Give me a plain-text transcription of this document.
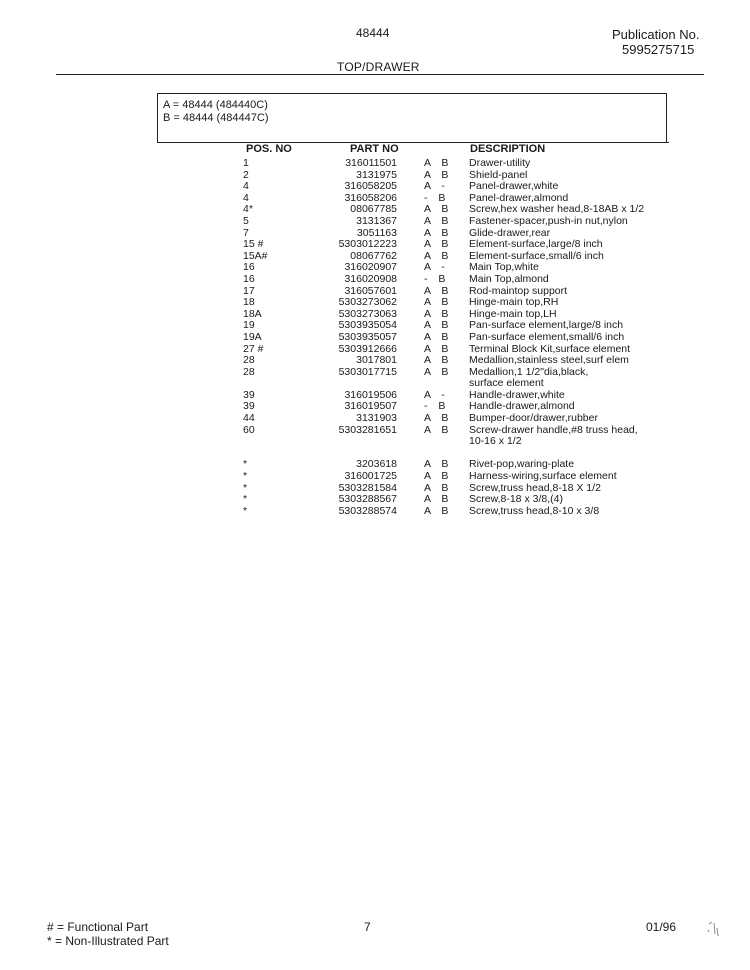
48444	Publication No.
5995275715
TOP/DRAWER
A = 48444 (484440C)
B = 48444 (484447C)
POS. NO	PART NO	DESCRIPTION
1	316011501	A B Drawer-utility
2	3131975	A B Shield-panel
4	316058205	A -	Panel-drawer,white
4	316058206	- B	Panel-drawer,almond
4*	08067785	A B Screw,hex washer head,8-18AB x 1/2
5	3131367	A B Fastener-spacer,push-in nut,nylon
7	3051163	A B Glide-drawer,rear
15 #	5303012223	A B Element-surface,large/8 inch
15A#	08067762	A B Element-surface,small/6 inch
16	316020907	A -	Main Top,white
16	316020908	- B	Main Top,almond
17	316057601	A B Rod-maintop support
18	5303273062	A B Hinge-main top,RH
18A	5303273063	A B Hinge-main top,LH
19	5303935054	A B Pan-surface element,large/8 inch
19A	5303935057	A B Pan-surface element,small/6 inch
27 #	5303912666	A B Terminal Block Kit,surface element
28	3017801	A B Medallion,stainless steel,surf elem
28	5303017715	A B Medallion,1 1/2"dia,black,
surface element
39	316019506	A -	Handle-drawer,white
39	316019507	- B	Handle-drawer,almond
44	3131903	A B Bumper-door/drawer,rubber
60	5303281651	A B Screw-drawer handle,#8 truss head,
10-16 x 1/2
*	3203618	A B Rivet-pop,waring-plate
*	316001725	A B Harness-wiring,surface element
*	5303281584	A B Screw,truss head,8-18 X 1/2
*	5303288567	A B Screw,8-18 x 3/8,(4)
*	5303288574	A B Screw,truss head,8-10 x 3/8
# = Functional Part
* = Non-Illustrated Part
7	01/96
